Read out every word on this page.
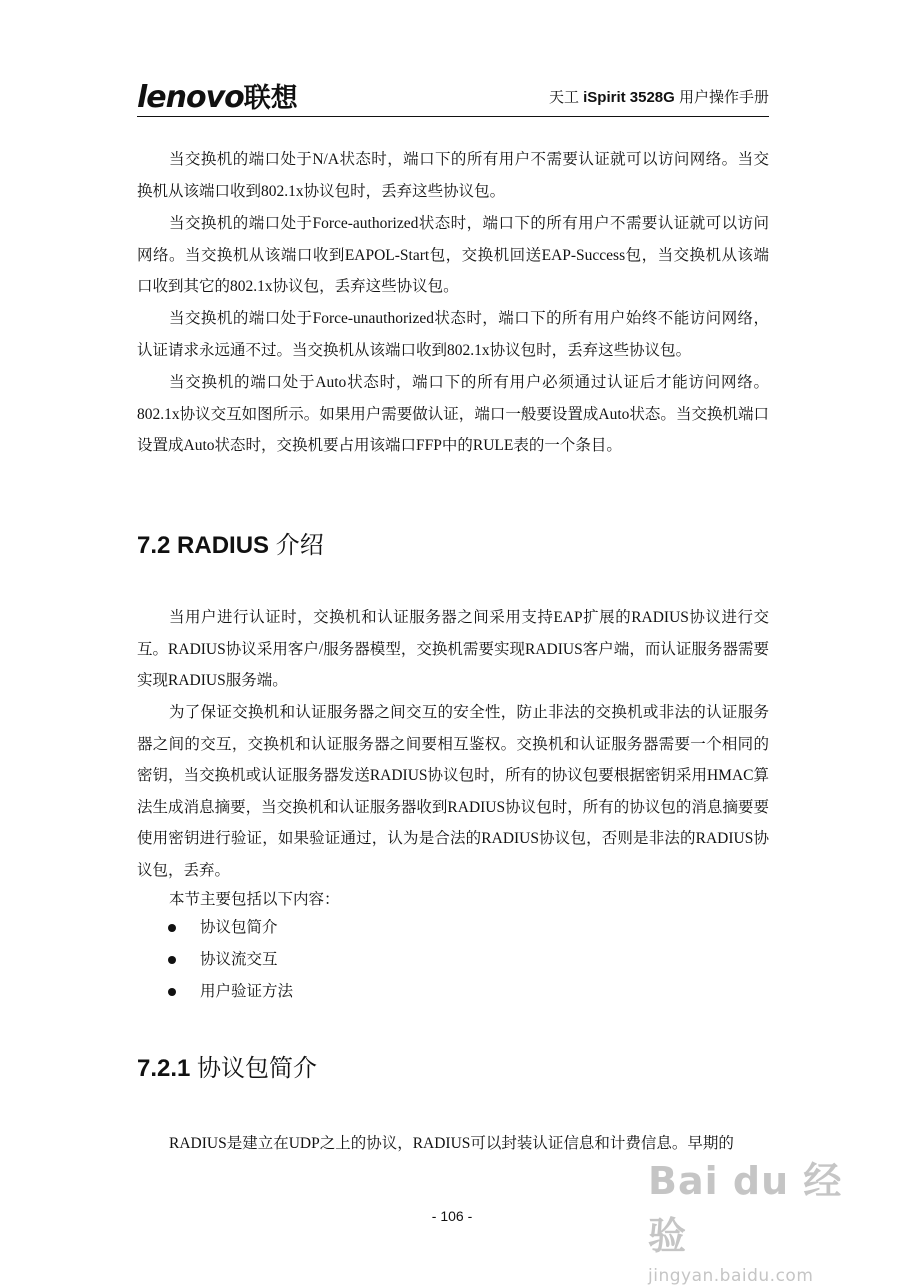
lenovo联想	天工 iSpirit 3528G 用户操作手册

当交换机的端口处于N/A状态时，端口下的所有用户不需要认证就可以访问网络。当交换机从该端口收到802.1x协议包时，丢弃这些协议包。

当交换机的端口处于Force-authorized状态时，端口下的所有用户不需要认证就可以访问网络。当交换机从该端口收到EAPOL-Start包，交换机回送EAP-Success包，当交换机从该端口收到其它的802.1x协议包，丢弃这些协议包。

当交换机的端口处于Force-unauthorized状态时，端口下的所有用户始终不能访问网络，认证请求永远通不过。当交换机从该端口收到802.1x协议包时，丢弃这些协议包。

当交换机的端口处于Auto状态时，端口下的所有用户必须通过认证后才能访问网络。802.1x协议交互如图所示。如果用户需要做认证，端口一般要设置成Auto状态。当交换机端口设置成Auto状态时，交换机要占用该端口FFP中的RULE表的一个条目。

7.2 RADIUS 介绍

当用户进行认证时，交换机和认证服务器之间采用支持EAP扩展的RADIUS协议进行交互。RADIUS协议采用客户/服务器模型，交换机需要实现RADIUS客户端，而认证服务器需要实现RADIUS服务端。

为了保证交换机和认证服务器之间交互的安全性，防止非法的交换机或非法的认证服务器之间的交互，交换机和认证服务器之间要相互鉴权。交换机和认证服务器需要一个相同的密钥，当交换机或认证服务器发送RADIUS协议包时，所有的协议包要根据密钥采用HMAC算法生成消息摘要，当交换机和认证服务器收到RADIUS协议包时，所有的协议包的消息摘要要使用密钥进行验证，如果验证通过，认为是合法的RADIUS协议包，否则是非法的RADIUS协议包，丢弃。

本节主要包括以下内容：

协议包简介
协议流交互
用户验证方法
7.2.1 协议包简介

RADIUS是建立在UDP之上的协议，RADIUS可以封装认证信息和计费信息。早期的

- 106 -
Bai du 经验
jingyan.baidu.com
